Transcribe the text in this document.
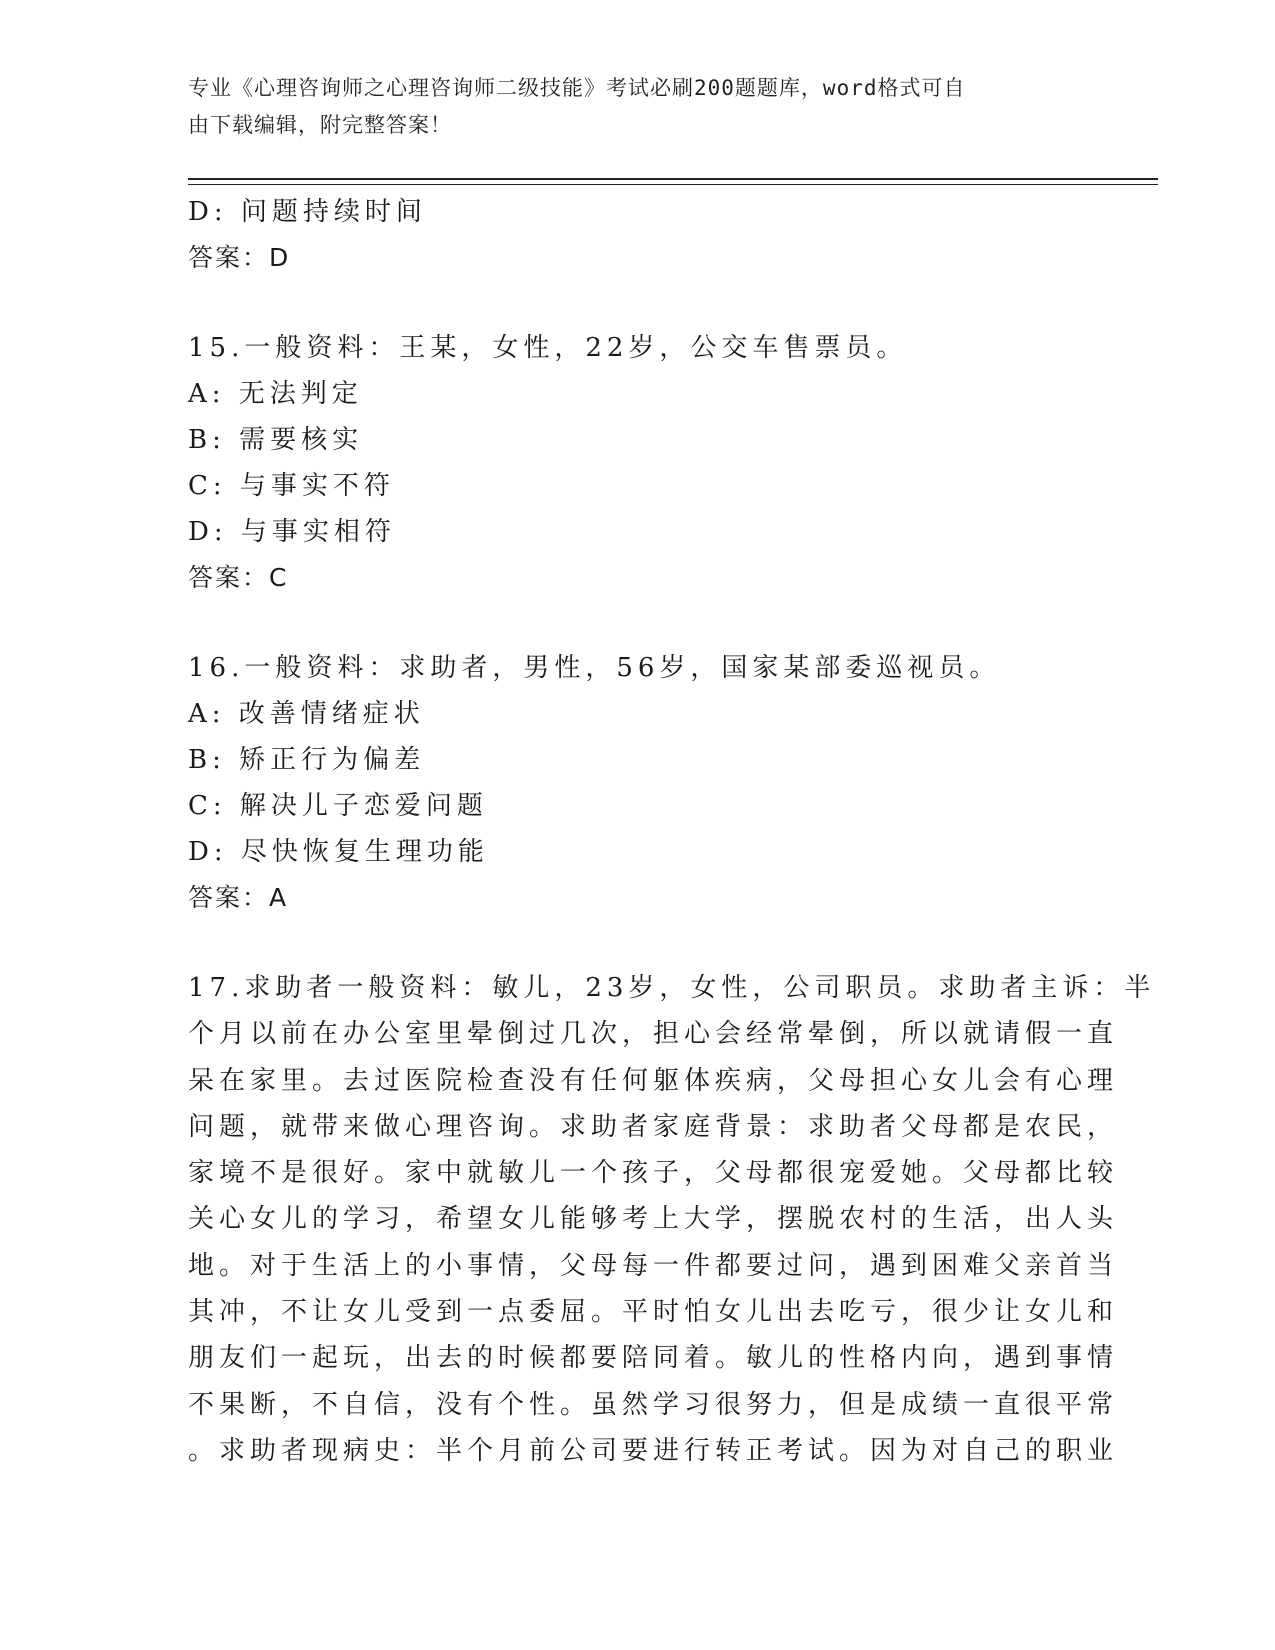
专业《心理咨询师之心理咨询师二级技能》考试必刷200题题库，word格式可自
由下载编辑，附完整答案！
D: 问题持续时间
答案：D
15.一般资料：王某，女性，22岁，公交车售票员。
A: 无法判定
B: 需要核实
C: 与事实不符
D: 与事实相符
答案：C
16.一般资料：求助者，男性，56岁，国家某部委巡视员。
A: 改善情绪症状
B: 矫正行为偏差
C: 解决儿子恋爱问题
D: 尽快恢复生理功能
答案：A
17.求助者一般资料：敏儿，23岁，女性，公司职员。求助者主诉：半
个月以前在办公室里晕倒过几次，担心会经常晕倒，所以就请假一直
呆在家里。去过医院检查没有任何躯体疾病，父母担心女儿会有心理
问题，就带来做心理咨询。求助者家庭背景：求助者父母都是农民，
家境不是很好。家中就敏儿一个孩子，父母都很宠爱她。父母都比较
关心女儿的学习，希望女儿能够考上大学，摆脱农村的生活，出人头
地。对于生活上的小事情，父母每一件都要过问，遇到困难父亲首当
其冲，不让女儿受到一点委屈。平时怕女儿出去吃亏，很少让女儿和
朋友们一起玩，出去的时候都要陪同着。敏儿的性格内向，遇到事情
不果断，不自信，没有个性。虽然学习很努力，但是成绩一直很平常
。求助者现病史：半个月前公司要进行转正考试。因为对自己的职业
